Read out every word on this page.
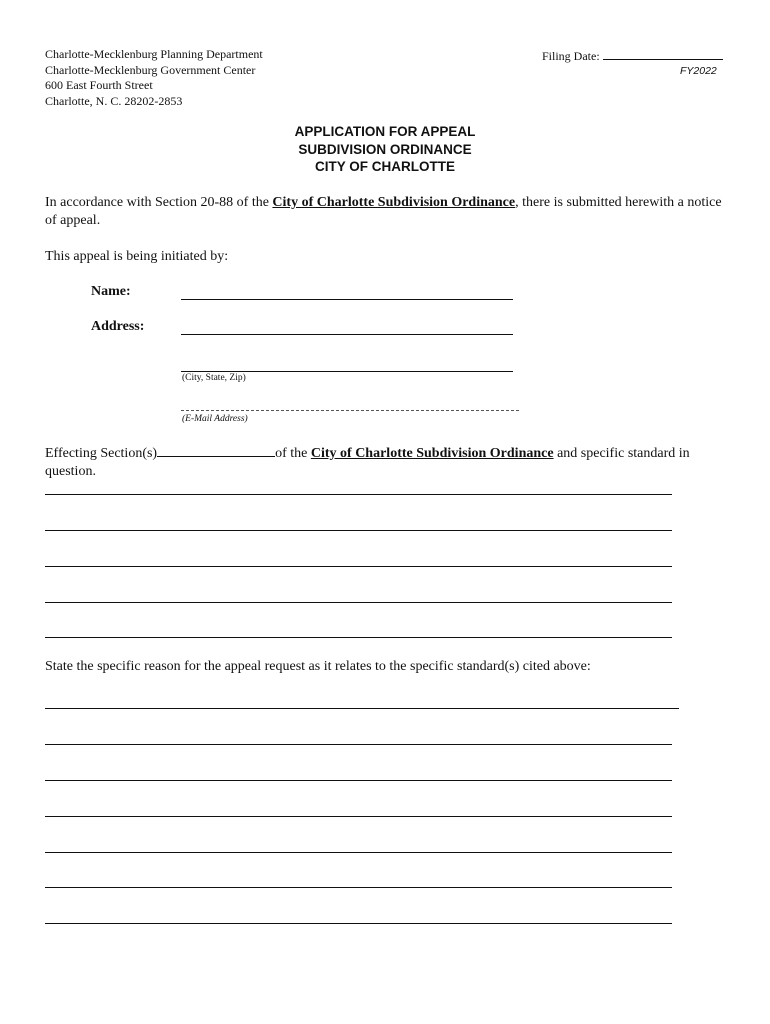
Charlotte-Mecklenburg Planning Department
Charlotte-Mecklenburg Government Center
600 East Fourth Street
Charlotte, N. C. 28202-2853
Filing Date:
FY2022
APPLICATION FOR APPEAL
SUBDIVISION ORDINANCE
CITY OF CHARLOTTE
In accordance with Section 20-88 of the City of Charlotte Subdivision Ordinance, there is submitted herewith a notice of appeal.
This appeal is being initiated by:
Name:
Address:
(City, State, Zip)
(E-Mail Address)
Effecting Section(s)	of the City of Charlotte Subdivision Ordinance and specific standard in question.
State the specific reason for the appeal request as it relates to the specific standard(s) cited above:
